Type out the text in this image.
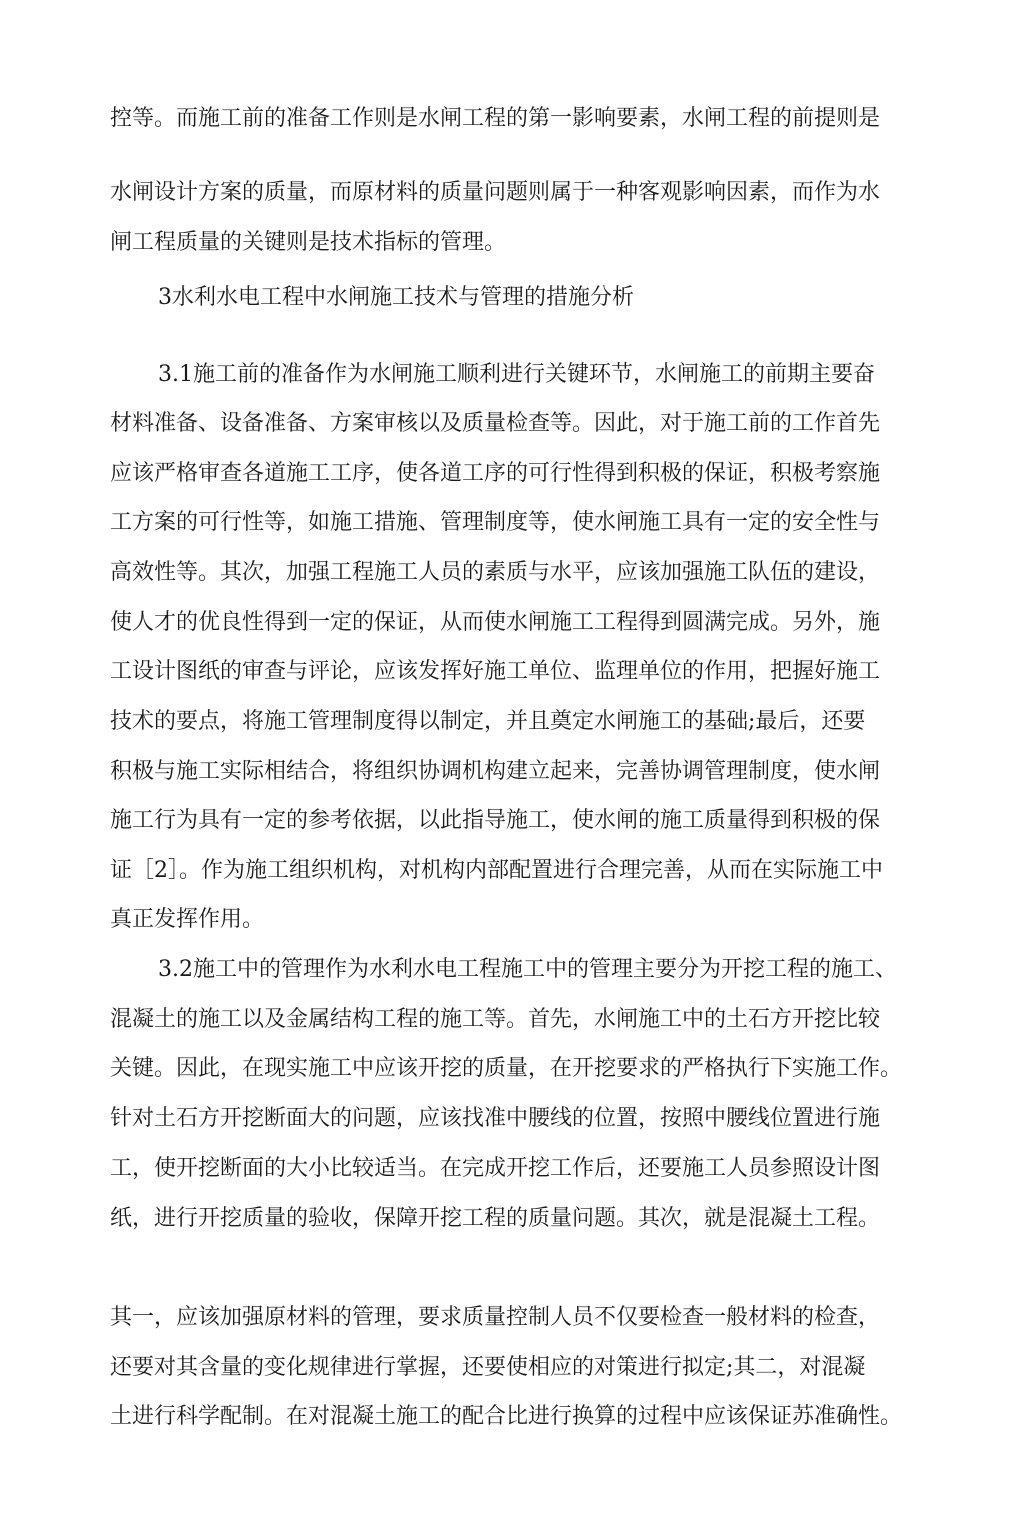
控等。而施工前的准备工作则是水闸工程的第一影响要素，水闸工程的前提则是
水闸设计方案的质量，而原材料的质量问题则属于一种客观影响因素，而作为水
闸工程质量的关键则是技术指标的管理。
3水利水电工程中水闸施工技术与管理的措施分析
3.1施工前的准备作为水闸施工顺利进行关键环节，水闸施工的前期主要奋
材料准备、设备准备、方案审核以及质量检查等。因此，对于施工前的工作首先
应该严格审查各道施工工序，使各道工序的可行性得到积极的保证，积极考察施
工方案的可行性等，如施工措施、管理制度等，使水闸施工具有一定的安全性与
高效性等。其次，加强工程施工人员的素质与水平，应该加强施工队伍的建设，
使人才的优良性得到一定的保证，从而使水闸施工工程得到圆满完成。另外，施
工设计图纸的审查与评论，应该发挥好施工单位、监理单位的作用，把握好施工
技术的要点，将施工管理制度得以制定，并且奠定水闸施工的基础;最后，还要
积极与施工实际相结合，将组织协调机构建立起来，完善协调管理制度，使水闸
施工行为具有一定的参考依据，以此指导施工，使水闸的施工质量得到积极的保
证［2］。作为施工组织机构，对机构内部配置进行合理完善，从而在实际施工中
真正发挥作用。
3.2施工中的管理作为水利水电工程施工中的管理主要分为开挖工程的施工、
混凝土的施工以及金属结构工程的施工等。首先，水闸施工中的土石方开挖比较
关键。因此，在现实施工中应该开挖的质量，在开挖要求的严格执行下实施工作。
针对土石方开挖断面大的问题，应该找准中腰线的位置，按照中腰线位置进行施
工，使开挖断面的大小比较适当。在完成开挖工作后，还要施工人员参照设计图
纸，进行开挖质量的验收，保障开挖工程的质量问题。其次，就是混凝土工程。
其一，应该加强原材料的管理，要求质量控制人员不仅要检查一般材料的检查，
还要对其含量的变化规律进行掌握，还要使相应的对策进行拟定;其二，对混凝
土进行科学配制。在对混凝土施工的配合比进行换算的过程中应该保证苏准确性。
